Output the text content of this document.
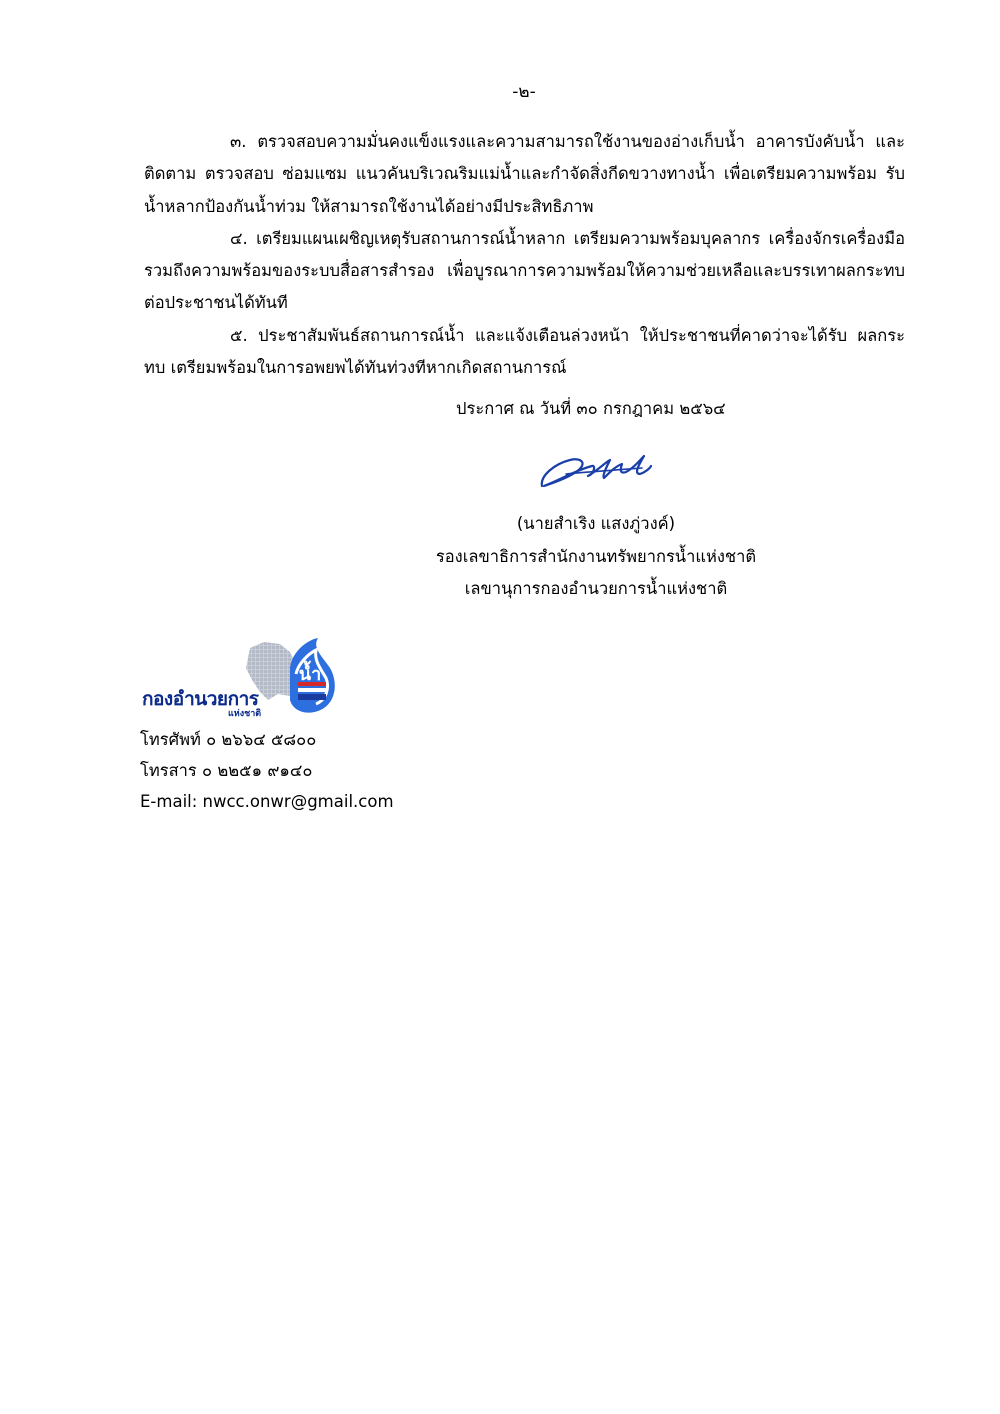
-๒-

๓. ตรวจสอบความมั่นคงแข็งแรงและความสามารถใช้งานของอ่างเก็บน้ำ อาคารบังคับน้ำ และติดตาม ตรวจสอบ ซ่อมแซม แนวคันบริเวณริมแม่น้ำและกำจัดสิ่งกีดขวางทางน้ำ เพื่อเตรียมความพร้อม รับน้ำหลากป้องกันน้ำท่วม ให้สามารถใช้งานได้อย่างมีประสิทธิภาพ

๔. เตรียมแผนเผชิญเหตุรับสถานการณ์น้ำหลาก เตรียมความพร้อมบุคลากร เครื่องจักรเครื่องมือ รวมถึงความพร้อมของระบบสื่อสารสำรอง เพื่อบูรณาการความพร้อมให้ความช่วยเหลือและบรรเทาผลกระทบ ต่อประชาชนได้ทันที

๕. ประชาสัมพันธ์สถานการณ์น้ำ และแจ้งเตือนล่วงหน้า ให้ประชาชนที่คาดว่าจะได้รับ ผลกระทบ เตรียมพร้อมในการอพยพได้ทันท่วงทีหากเกิดสถานการณ์

ประกาศ ณ วันที่ ๓๐ กรกฎาคม ๒๕๖๔
(นายสำเริง แสงภู่วงค์)
รองเลขาธิการสำนักงานทรัพยากรน้ำแห่งชาติ
เลขานุการกองอำนวยการน้ำแห่งชาติ
น้ำ
กองอำนวยการ
แห่งชาติ
โทรศัพท์ ๐ ๒๖๖๔ ๕๘๐๐
โทรสาร ๐ ๒๒๕๑ ๙๑๔๐
E-mail: nwcc.onwr@gmail.com
